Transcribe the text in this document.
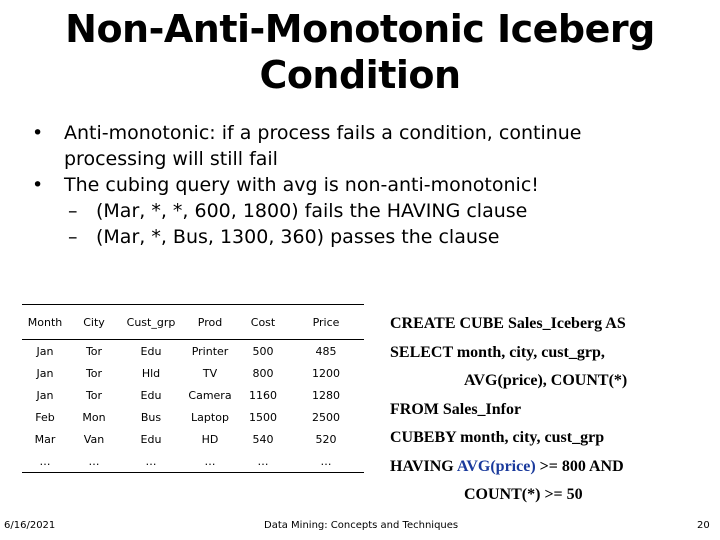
Non-Anti-Monotonic Iceberg
Condition
• Anti-monotonic: if a process fails a condition, continue
processing will still fail
• The cubing query with avg is non-anti-monotonic!
– (Mar, *, *, 600, 1800) fails the HAVING clause
– (Mar, *, Bus, 1300, 360) passes the clause
Month	City	Cust_grp	Prod	Cost	Price
Jan	Tor	Edu	Printer	500	485
Jan	Tor	Hld	TV	800	1200
Jan	Tor	Edu	Camera	1160	1280
Feb	Mon	Bus	Laptop	1500	2500
Mar	Van	Edu	HD	540	520
…	…	…	…	…	…
CREATE CUBE Sales_Iceberg AS
SELECT month, city, cust_grp,
AVG(price), COUNT(*)
FROM Sales_Infor
CUBEBY month, city, cust_grp
HAVING AVG(price) >= 800 AND
COUNT(*) >= 50
6/16/2021	Data Mining: Concepts and Techniques	20
